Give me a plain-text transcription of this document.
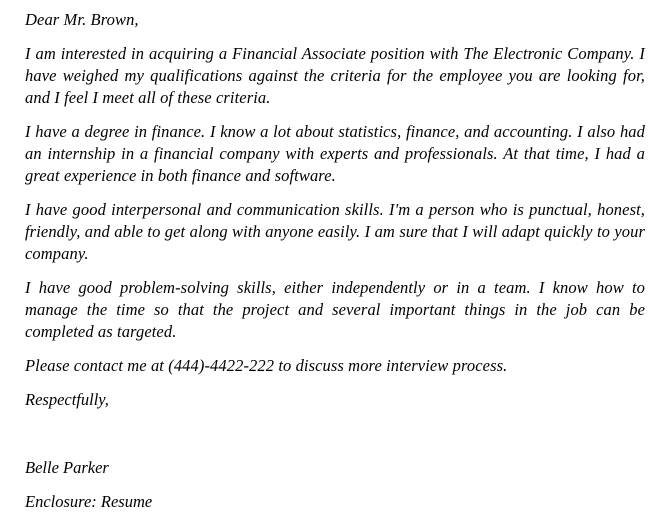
Dear Mr. Brown,

I am interested in acquiring a Financial Associate position with The Electronic Company. I have weighed my qualifications against the criteria for the employee you are looking for, and I feel I meet all of these criteria.

I have a degree in finance. I know a lot about statistics, finance, and accounting. I also had an internship in a financial company with experts and professionals. At that time, I had a great experience in both finance and software.

I have good interpersonal and communication skills. I'm a person who is punctual, honest, friendly, and able to get along with anyone easily. I am sure that I will adapt quickly to your company.

I have good problem-solving skills, either independently or in a team. I know how to manage the time so that the project and several important things in the job can be completed as targeted.

Please contact me at (444)-4422-222 to discuss more interview process.

Respectfully,

Belle Parker

Enclosure: Resume
